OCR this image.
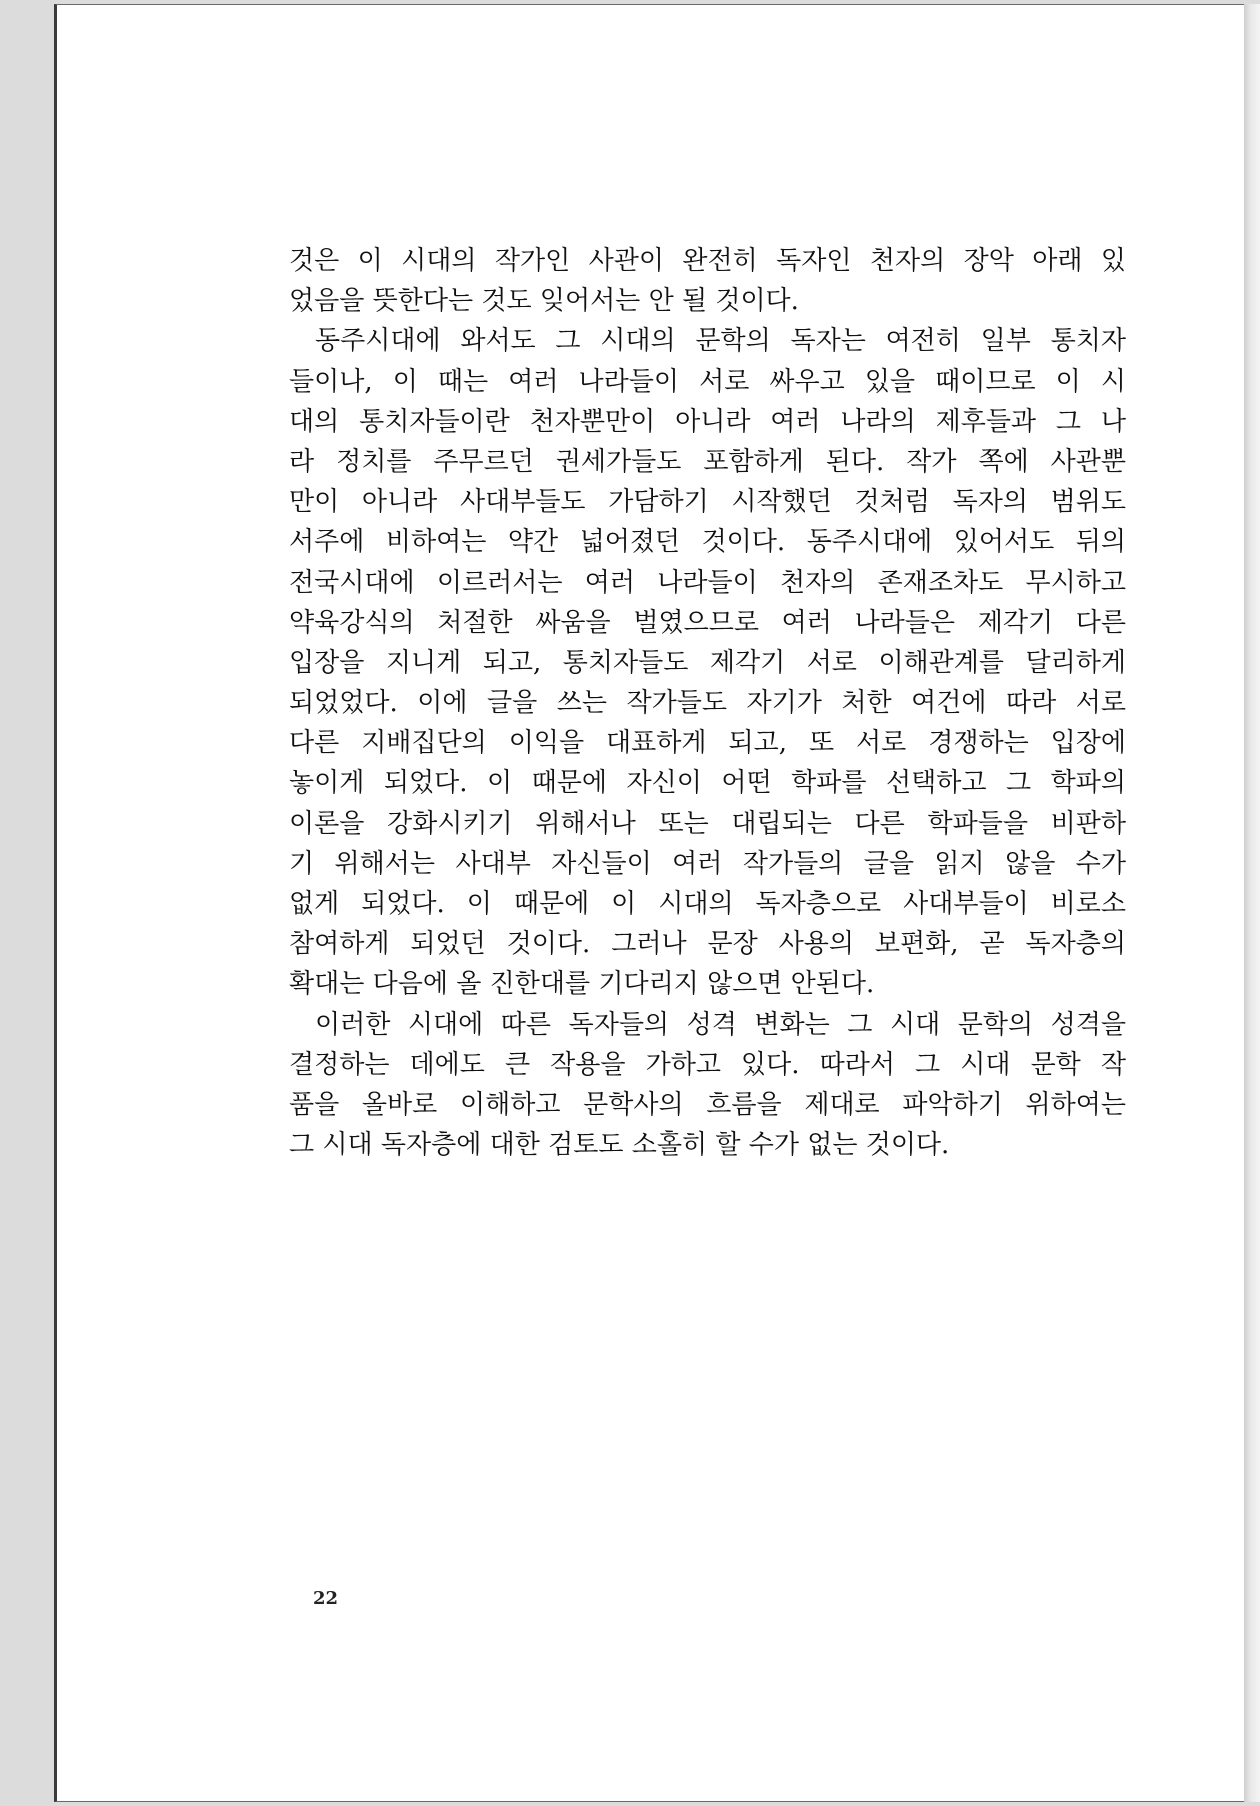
것은 이 시대의 작가인 사관이 완전히 독자인 천자의 장악 아래 있
었음을 뜻한다는 것도 잊어서는 안 될 것이다.
동주시대에 와서도 그 시대의 문학의 독자는 여전히 일부 통치자
들이나, 이 때는 여러 나라들이 서로 싸우고 있을 때이므로 이 시
대의 통치자들이란 천자뿐만이 아니라 여러 나라의 제후들과 그 나
라 정치를 주무르던 권세가들도 포함하게 된다. 작가 쪽에 사관뿐
만이 아니라 사대부들도 가담하기 시작했던 것처럼 독자의 범위도
서주에 비하여는 약간 넓어졌던 것이다. 동주시대에 있어서도 뒤의
전국시대에 이르러서는 여러 나라들이 천자의 존재조차도 무시하고
약육강식의 처절한 싸움을 벌였으므로 여러 나라들은 제각기 다른
입장을 지니게 되고, 통치자들도 제각기 서로 이해관계를 달리하게
되었었다. 이에 글을 쓰는 작가들도 자기가 처한 여건에 따라 서로
다른 지배집단의 이익을 대표하게 되고, 또 서로 경쟁하는 입장에
놓이게 되었다. 이 때문에 자신이 어떤 학파를 선택하고 그 학파의
이론을 강화시키기 위해서나 또는 대립되는 다른 학파들을 비판하
기 위해서는 사대부 자신들이 여러 작가들의 글을 읽지 않을 수가
없게 되었다. 이 때문에 이 시대의 독자층으로 사대부들이 비로소
참여하게 되었던 것이다. 그러나 문장 사용의 보편화, 곧 독자층의
확대는 다음에 올 진한대를 기다리지 않으면 안된다.
이러한 시대에 따른 독자들의 성격 변화는 그 시대 문학의 성격을
결정하는 데에도 큰 작용을 가하고 있다. 따라서 그 시대 문학 작
품을 올바로 이해하고 문학사의 흐름을 제대로 파악하기 위하여는
그 시대 독자층에 대한 검토도 소홀히 할 수가 없는 것이다.
22
